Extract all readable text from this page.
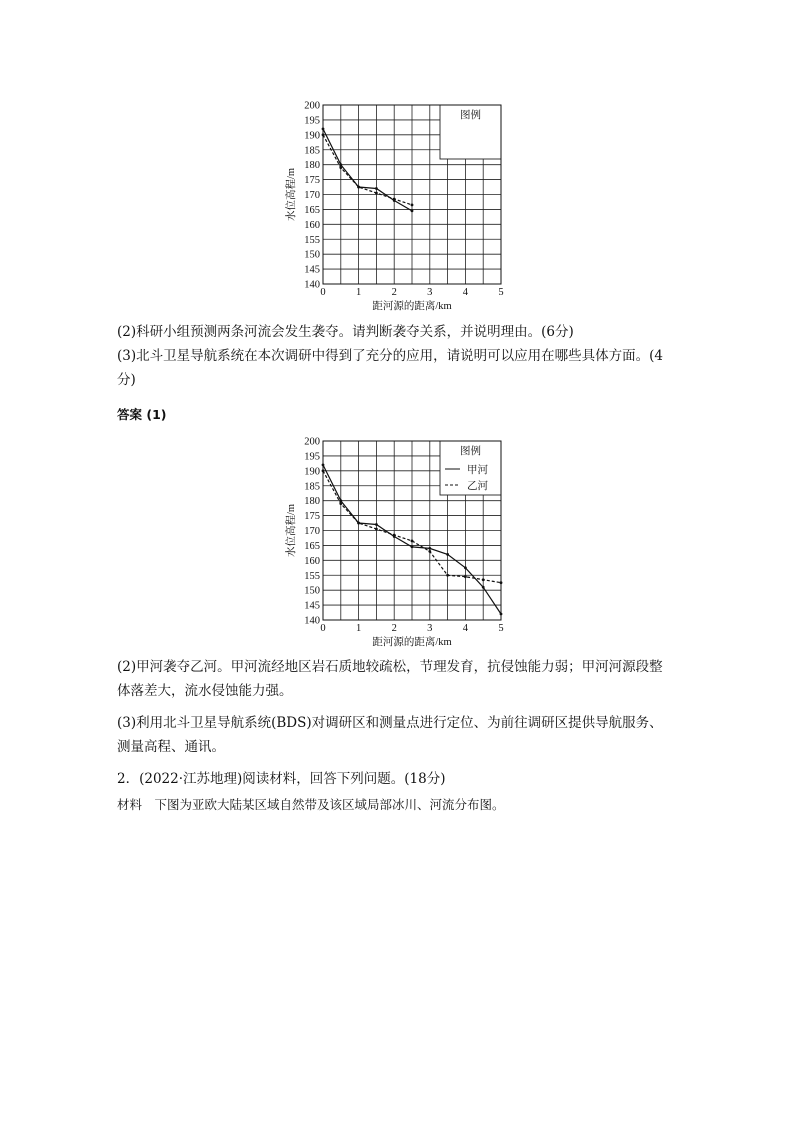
140
145
150
155
160
165
170
175
180
185
190
195
200
0	1	2	3	4	5
距河源的距离/km
水位高程/m
图例
(2)科研小组预测两条河流会发生袭夺。请判断袭夺关系，并说明理由。(6分)
(3)北斗卫星导航系统在本次调研中得到了充分的应用，请说明可以应用在哪些具体方面。(4
分)
答案 (1)
140
145
150
155
160
165
170
175
180
185
190
195
200
0	1	2	3	4	5
距河源的距离/km
水位高程/m
图例
甲河
乙河
(2)甲河袭夺乙河。甲河流经地区岩石质地较疏松，节理发育，抗侵蚀能力弱；甲河河源段整
体落差大，流水侵蚀能力强。
(3)利用北斗卫星导航系统(BDS)对调研区和测量点进行定位、为前往调研区提供导航服务、
测量高程、通讯。
2．(2022·江苏地理)阅读材料，回答下列问题。(18分)
材料　下图为亚欧大陆某区域自然带及该区域局部冰川、河流分布图。
